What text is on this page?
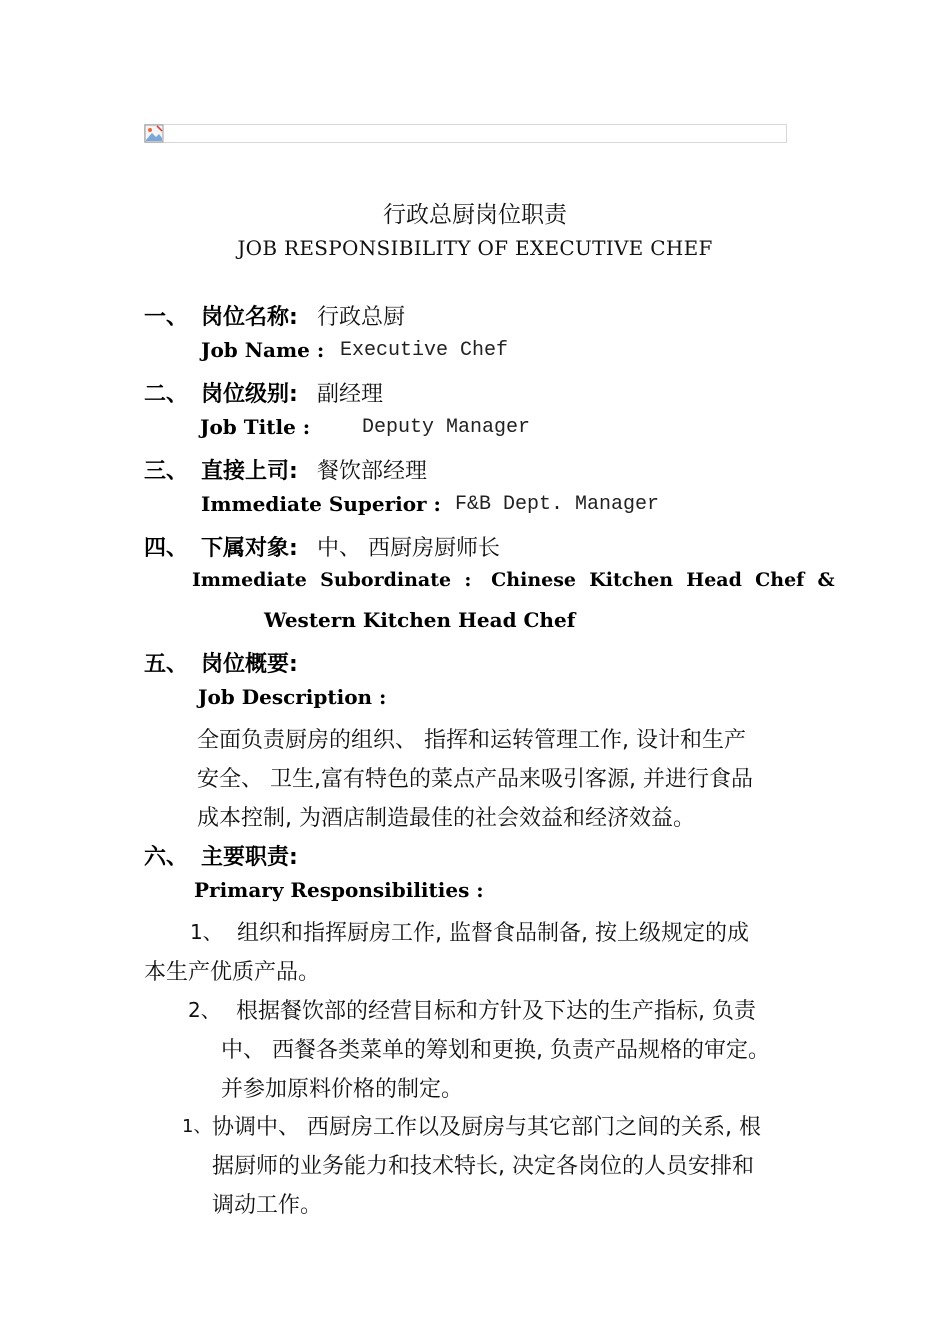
行政总厨岗位职责
JOB RESPONSIBILITY OF EXECUTIVE CHEF
一、 岗位名称: 行政总厨
Job Name : Executive Chef
二、 岗位级别: 副经理
Job Title :	Deputy Manager
三、 直接上司: 餐饮部经理
Immediate Superior : F&B Dept. Manager
四、 下属对象: 中、 西厨房厨师长
Immediate  Subordinate  :   Chinese  Kitchen  Head  Chef  &
Western Kitchen Head Chef
五、 岗位概要:
Job Description :
全面负责厨房的组织、 指挥和运转管理工作, 设计和生产
安全、 卫生,富有特色的菜点产品来吸引客源, 并进行食品
成本控制, 为酒店制造最佳的社会效益和经济效益。
六、 主要职责:
Primary Responsibilities :
1、 组织和指挥厨房工作, 监督食品制备, 按上级规定的成
本生产优质产品。
2、 根据餐饮部的经营目标和方针及下达的生产指标, 负责
中、 西餐各类菜单的筹划和更换, 负责产品规格的审定。
并参加原料价格的制定。
1、 协调中、 西厨房工作以及厨房与其它部门之间的关系, 根
据厨师的业务能力和技术特长, 决定各岗位的人员安排和
调动工作。
